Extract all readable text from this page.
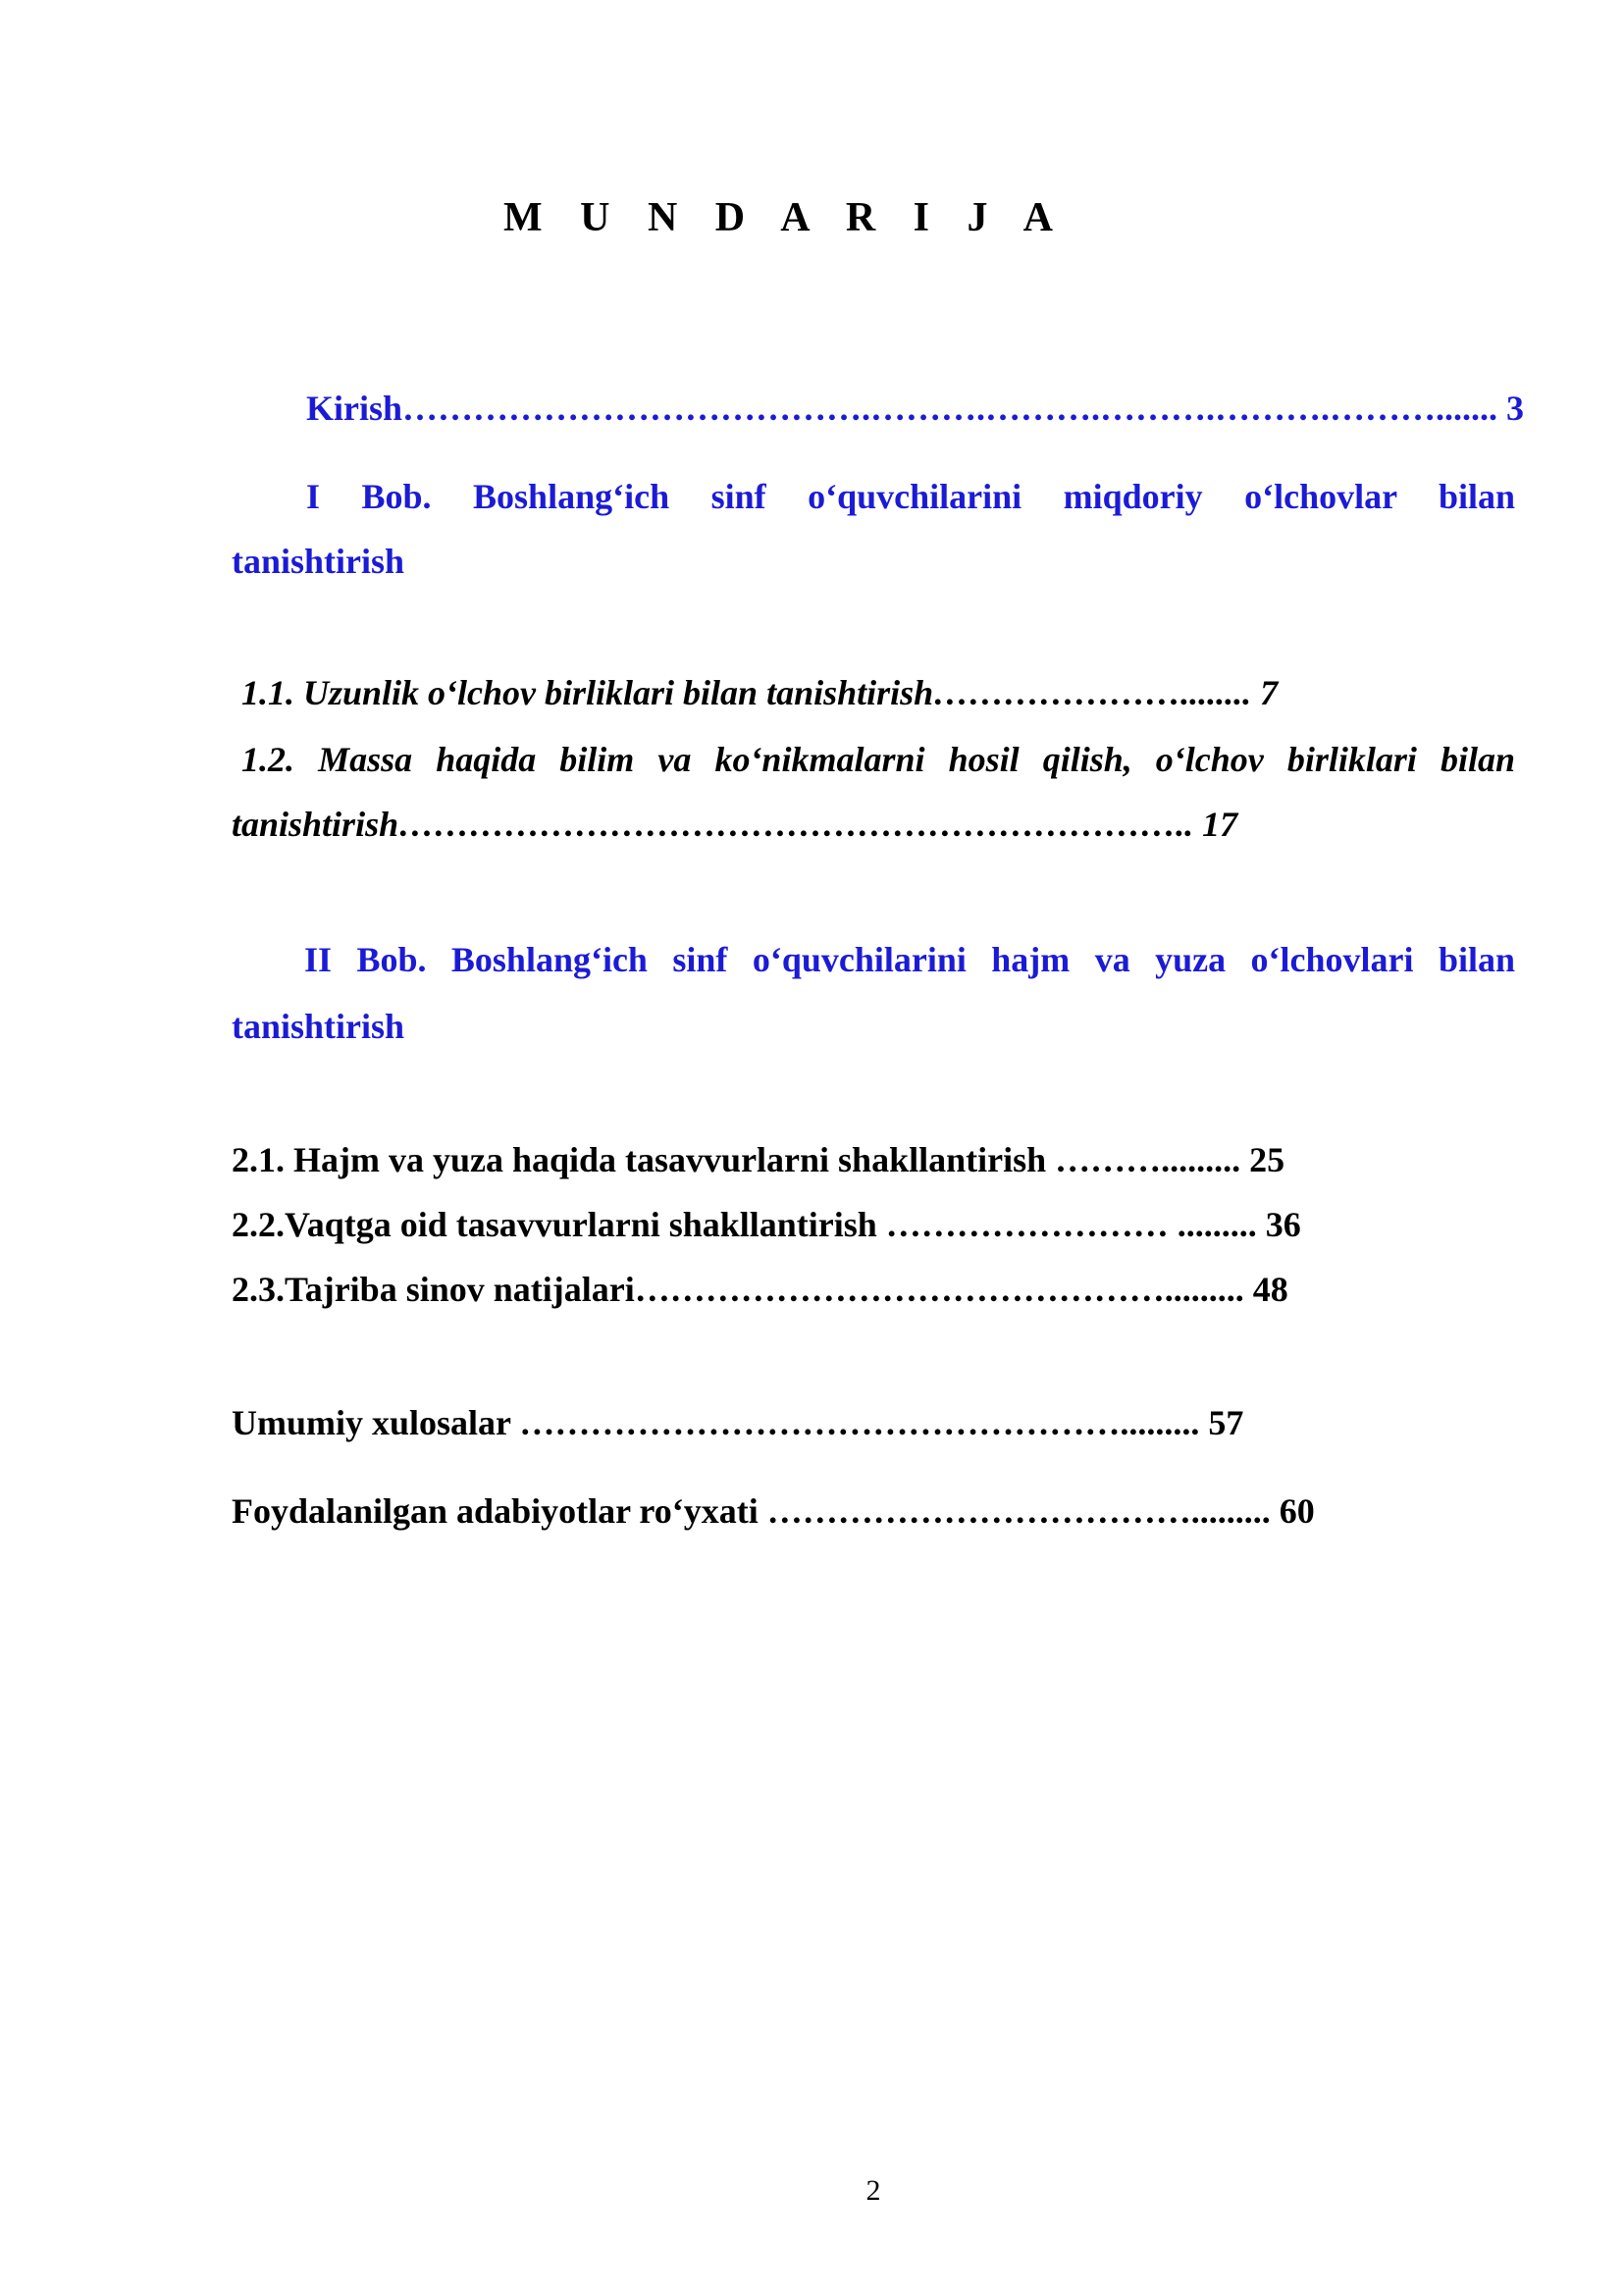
M U N D A R I J A
Kirish………………………………….……….……….……….……….………....... 3
I Bob. Boshlang‘ich sinf o‘quvchilarini miqdoriy o‘lchovlar bilan
tanishtirish
1.1. Uzunlik o‘lchov birliklari bilan tanishtirish…………………........ 7
1.2. Massa haqida bilim va ko‘nikmalarni hosil qilish, o‘lchov birliklari bilan
tanishtirish………………………………………………………….. 17
II Bob. Boshlang‘ich sinf o‘quvchilarini hajm va yuza o‘lchovlari bilan
tanishtirish
2.1. Hajm va yuza haqida tasavvurlarni shakllantirish ………......... 25
2.2.Vaqtga oid tasavvurlarni shakllantirish …………………… ......... 36
2.3.Tajriba sinov natijalari………………………………………......... 48
Umumiy xulosalar ……………………………………………......... 57
Foydalanilgan adabiyotlar ro‘yxati ………………………………......... 60
2
